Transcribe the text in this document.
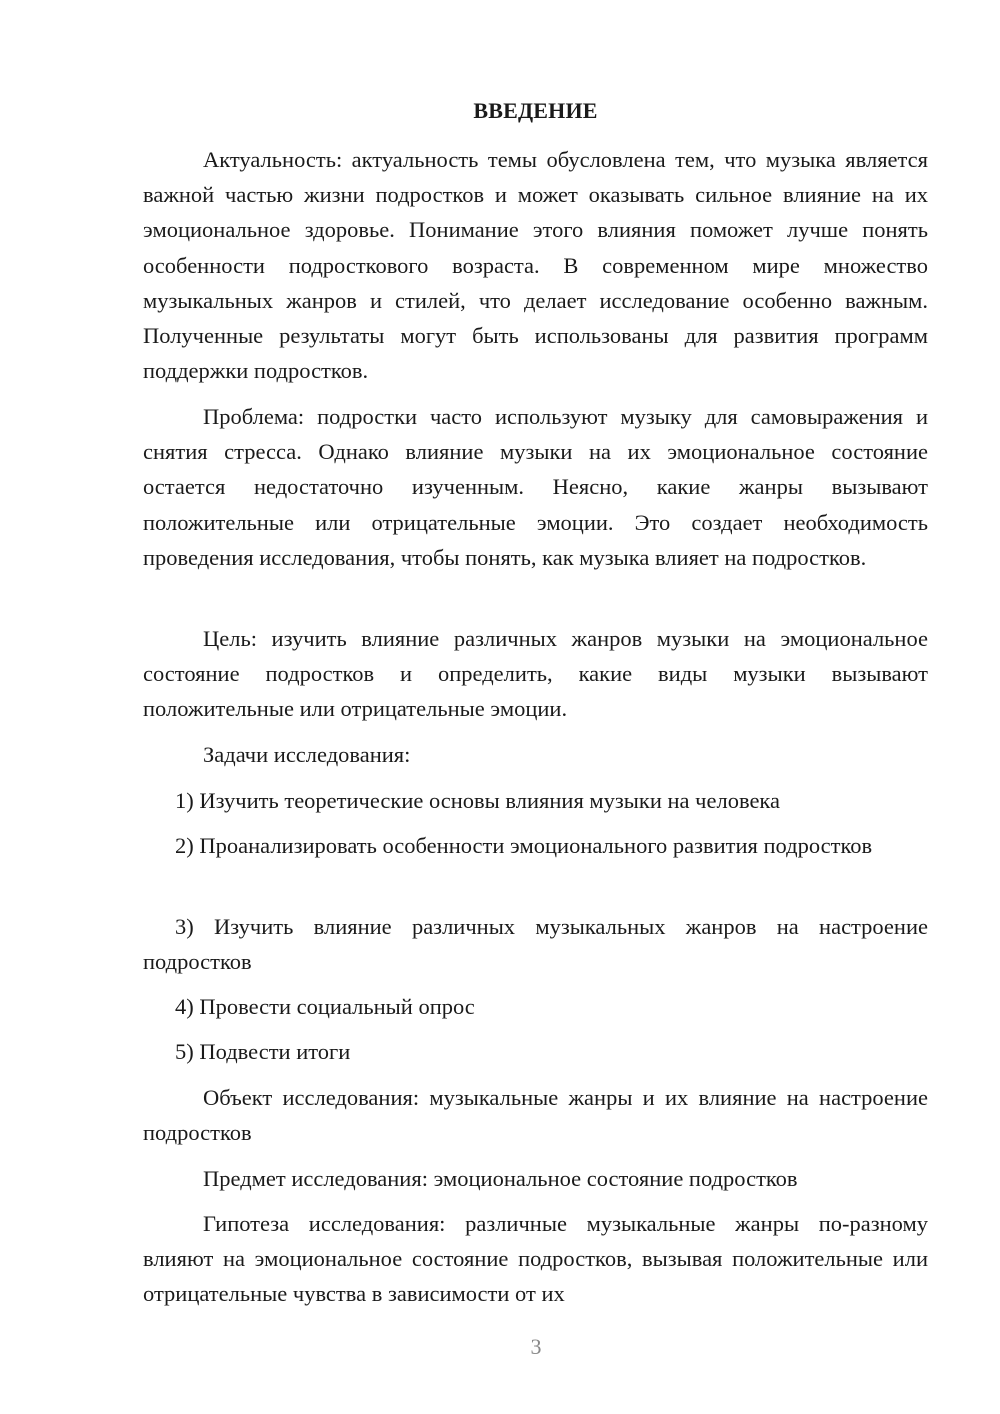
ВВЕДЕНИЕ

Актуальность: актуальность темы обусловлена тем, что музыка является важной частью жизни подростков и может оказывать сильное влияние на их эмоциональное здоровье. Понимание этого влияния поможет лучше понять особенности подросткового возраста. В современном мире множество музыкальных жанров и стилей, что делает исследование особенно важным. Полученные результаты могут быть использованы для развития программ поддержки подростков.

Проблема: подростки часто используют музыку для самовыражения и снятия стресса. Однако влияние музыки на их эмоциональное состояние остается недостаточно изученным. Неясно, какие жанры вызывают положительные или отрицательные эмоции. Это создает необходимость проведения исследования, чтобы понять, как музыка влияет на подростков.

Цель: изучить влияние различных жанров музыки на эмоциональное состояние подростков и определить, какие виды музыки вызывают положительные или отрицательные эмоции.

Задачи исследования:

1) Изучить теоретические основы влияния музыки на человека

2) Проанализировать особенности эмоционального развития подростков

3) Изучить влияние различных музыкальных жанров на настроение подростков

4) Провести социальный опрос

5) Подвести итоги

Объект исследования: музыкальные жанры и их влияние на настроение подростков

Предмет исследования: эмоциональное состояние подростков

Гипотеза исследования: различные музыкальные жанры по-разному влияют на эмоциональное состояние подростков, вызывая положительные или отрицательные чувства в зависимости от их

3
